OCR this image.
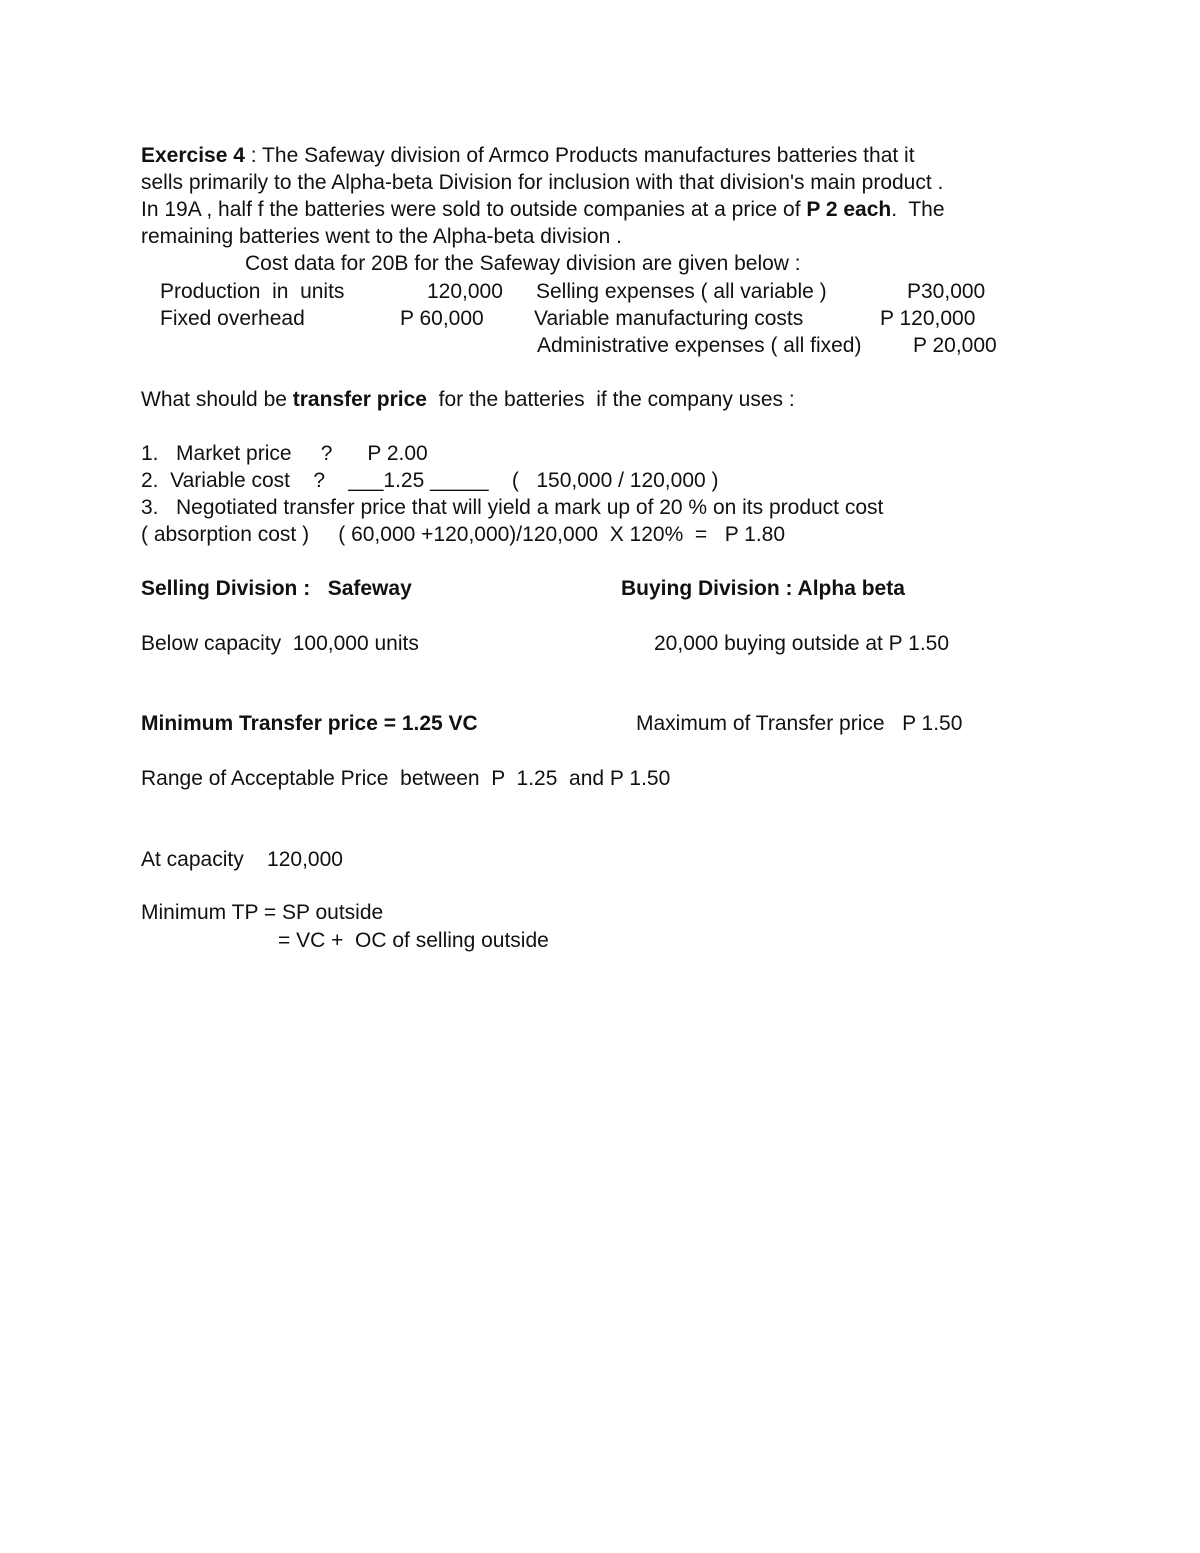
Exercise 4 : The Safeway division of Armco Products manufactures batteries that it
sells primarily to the Alpha-beta Division for inclusion with that division's main product .
In 19A , half f the batteries were sold to outside companies at a price of P 2 each.  The
remaining batteries went to the Alpha-beta division .
Cost data for 20B for the Safeway division are given below :
Production  in  units	120,000 Selling expenses ( all variable )	P30,000
Fixed overhead	P 60,000 Variable manufacturing costs	P 120,000
Administrative expenses ( all fixed) P 20,000
What should be transfer price  for the batteries  if the company uses :
1.   Market price     ?      P 2.00
2.  Variable cost    ?    ___1.25 _____    (   150,000 / 120,000 )
3.   Negotiated transfer price that will yield a mark up of 20 % on its product cost
( absorption cost )     ( 60,000 +120,000)/120,000  X 120%  =   P 1.80
Selling Division :   Safeway	Buying Division : Alpha beta
Below capacity  100,000 units	20,000 buying outside at P 1.50
Minimum Transfer price = 1.25 VC	Maximum of Transfer price   P 1.50
Range of Acceptable Price  between  P  1.25  and P 1.50
At capacity    120,000
Minimum TP = SP outside
= VC +  OC of selling outside
